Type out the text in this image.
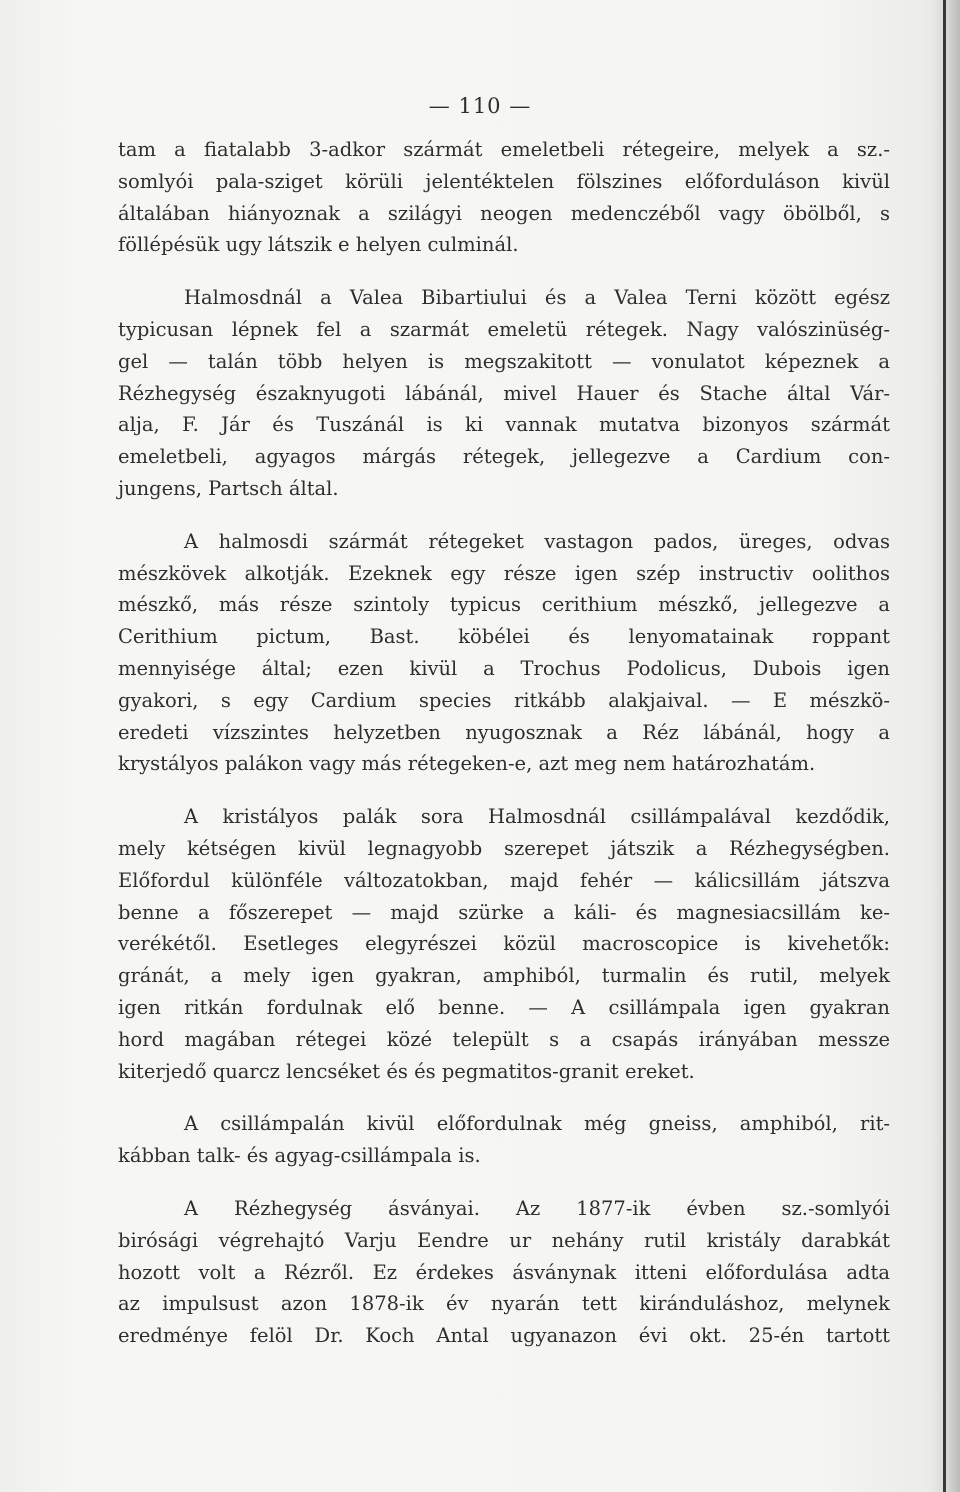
— 110 —
tam a fiatalabb 3-adkor szármát emeletbeli rétegeire, melyek a sz.-
somlyói pala-sziget körüli jelentéktelen fölszines előforduláson kivül
általában hiányoznak a szilágyi neogen medenczéből vagy öbölből, s
föllépésük ugy látszik e helyen culminál.
Halmosdnál a Valea Bibartiului és a Valea Terni között egész
typicusan lépnek fel a szarmát emeletü rétegek. Nagy valószinüség-
gel — talán több helyen is megszakitott — vonulatot képeznek a
Rézhegység északnyugoti lábánál, mivel Hauer és Stache által Vár-
alja, F. Jár és Tuszánál is ki vannak mutatva bizonyos szármát
emeletbeli, agyagos márgás rétegek, jellegezve a Cardium con-
jungens, Partsch által.
A halmosdi szármát rétegeket vastagon pados, üreges, odvas
mészkövek alkotják. Ezeknek egy része igen szép instructiv oolithos
mészkő, más része szintoly typicus cerithium mészkő, jellegezve a
Cerithium pictum, Bast. köbélei és lenyomatainak roppant
mennyisége által; ezen kivül a Trochus Podolicus, Dubois igen
gyakori, s egy Cardium species ritkább alakjaival. — E mészkö-
eredeti vízszintes helyzetben nyugosznak a Réz lábánál, hogy a
krystályos palákon vagy más rétegeken-e, azt meg nem határozhatám.
A kristályos palák sora Halmosdnál csillámpalával kezdődik,
mely kétségen kivül legnagyobb szerepet játszik a Rézhegységben.
Előfordul különféle változatokban, majd fehér — kálicsillám játszva
benne a főszerepet — majd szürke a káli- és magnesiacsillám ke-
verékétől. Esetleges elegyrészei közül macroscopice is kivehetők:
gránát, a mely igen gyakran, amphiból, turmalin és rutil, melyek
igen ritkán fordulnak elő benne. — A csillámpala igen gyakran
hord magában rétegei közé települt s a csapás irányában messze
kiterjedő quarcz lencséket és és pegmatitos-granit ereket.
A csillámpalán kivül előfordulnak még gneiss, amphiból, rit-
kábban talk- és agyag-csillámpala is.
A Rézhegység ásványai. Az 1877-ik évben sz.-somlyói
birósági végrehajtó Varju Eendre ur nehány rutil kristály darabkát
hozott volt a Rézről. Ez érdekes ásványnak itteni előfordulása adta
az impulsust azon 1878-ik év nyarán tett kiránduláshoz, melynek
eredménye felöl Dr. Koch Antal ugyanazon évi okt. 25-én tartott
